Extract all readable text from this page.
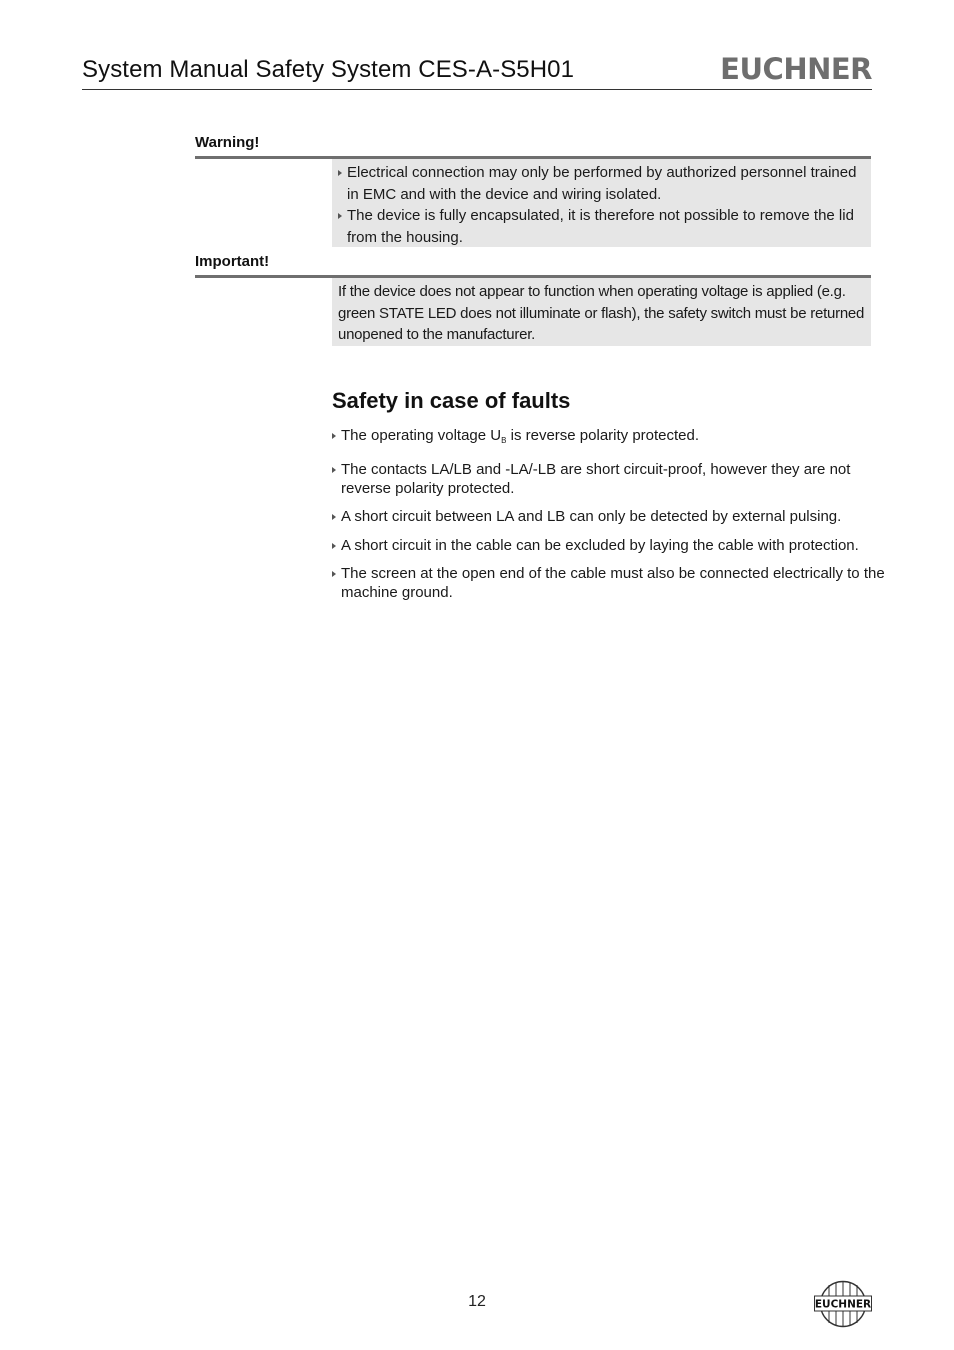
System Manual Safety System CES-A-S5H01	EUCHNER
Warning!
Electrical connection may only be performed by authorized personnel trained in EMC and with the device and wiring isolated.
The device is fully encapsulated, it is therefore not possible to remove the lid from the housing.
Important!

If the device does not appear to function when operating voltage is applied (e.g. green STATE LED does not illuminate or flash), the safety switch must be returned unopened to the manufacturer.

Safety in case of faults
The operating voltage $U_B$ is reverse polarity protected.
The contacts LA/LB and -LA/-LB are short circuit-proof, however they are not reverse polarity protected.
A short circuit between LA and LB can only be detected by external pulsing.
A short circuit in the cable can be excluded by laying the cable with protection.
The screen at the open end of the cable must also be connected electrically to the machine ground.
12	EUCHNER
